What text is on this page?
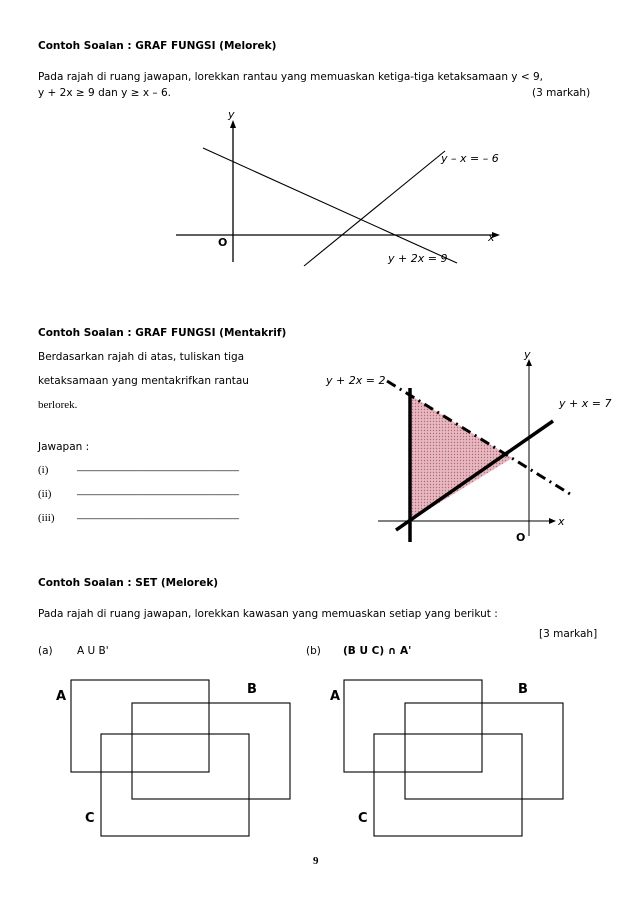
Contoh Soalan : GRAF FUNGSI (Melorek)
Pada rajah di ruang jawapan, lorekkan rantau yang memuaskan ketiga-tiga ketaksamaan y < 9,
y + 2x ≥ 9 dan y ≥ x – 6.	(3 markah)
y
x
O
y – x = – 6
y + 2x = 9
Contoh Soalan : GRAF FUNGSI (Mentakrif)
Berdasarkan rajah di atas, tuliskan tiga
ketaksamaan yang mentakrifkan rantau
berlorek.
Jawapan :
(i)	____________________________________
(ii)	____________________________________
(iii)	____________________________________
y
x
O
y + 2x = 2
y + x = 7
Contoh Soalan : SET (Melorek)
Pada rajah di ruang jawapan, lorekkan kawasan yang memuaskan setiap yang berikut :
[3 markah]
(a) A U B'	(b) (B U C) ∩ A'
A	B
C
A	B
C
9
